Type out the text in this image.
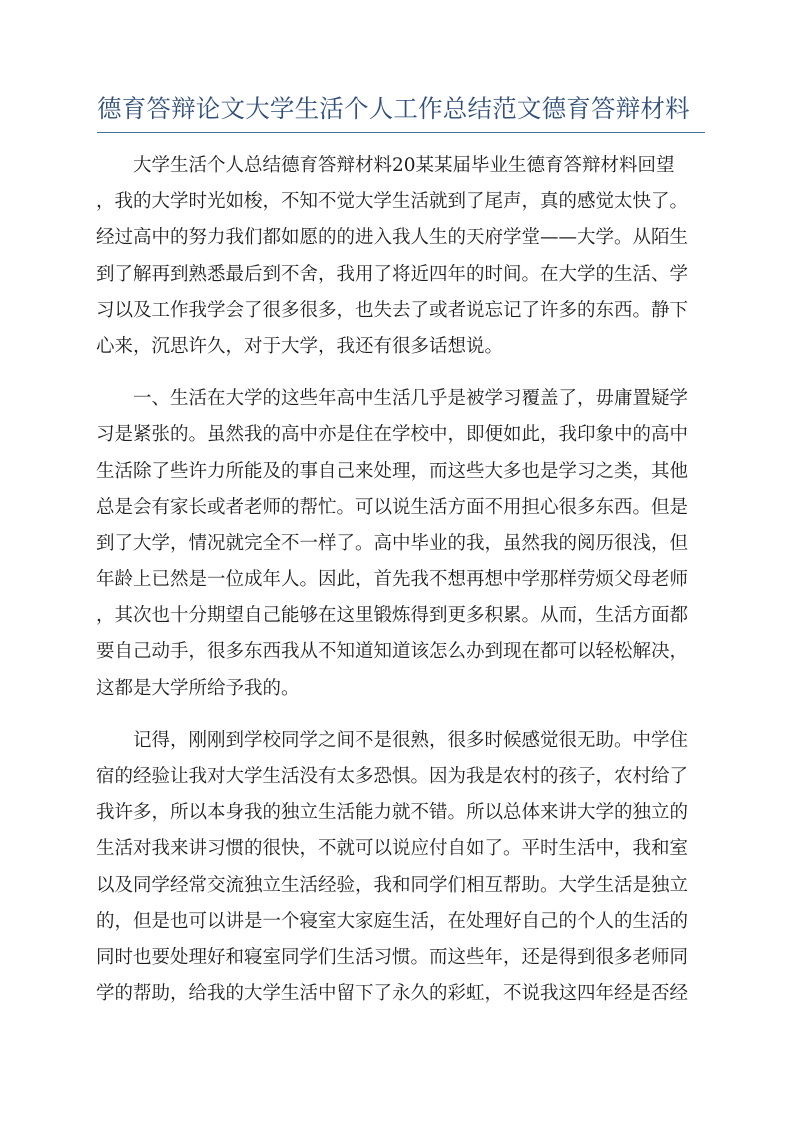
德育答辩论文大学生活个人工作总结范文德育答辩材料

　　大学生活个人总结德育答辩材料20某某届毕业生德育答辩材料回望
，我的大学时光如梭，不知不觉大学生活就到了尾声，真的感觉太快了。
经过高中的努力我们都如愿的的进入我人生的天府学堂——大学。从陌生
到了解再到熟悉最后到不舍，我用了将近四年的时间。在大学的生活、学
习以及工作我学会了很多很多，也失去了或者说忘记了许多的东西。静下
心来，沉思许久，对于大学，我还有很多话想说。

　　一、生活在大学的这些年高中生活几乎是被学习覆盖了，毋庸置疑学
习是紧张的。虽然我的高中亦是住在学校中，即便如此，我印象中的高中
生活除了些许力所能及的事自己来处理，而这些大多也是学习之类，其他
总是会有家长或者老师的帮忙。可以说生活方面不用担心很多东西。但是
到了大学，情况就完全不一样了。高中毕业的我，虽然我的阅历很浅，但
年龄上已然是一位成年人。因此，首先我不想再想中学那样劳烦父母老师
，其次也十分期望自己能够在这里锻炼得到更多积累。从而，生活方面都
要自己动手，很多东西我从不知道知道该怎么办到现在都可以轻松解决，
这都是大学所给予我的。

　　记得，刚刚到学校同学之间不是很熟，很多时候感觉很无助。中学住
宿的经验让我对大学生活没有太多恐惧。因为我是农村的孩子，农村给了
我许多，所以本身我的独立生活能力就不错。所以总体来讲大学的独立的
生活对我来讲习惯的很快，不就可以说应付自如了。平时生活中，我和室
以及同学经常交流独立生活经验，我和同学们相互帮助。大学生活是独立
的，但是也可以讲是一个寝室大家庭生活，在处理好自己的个人的生活的
同时也要处理好和寝室同学们生活习惯。而这些年，还是得到很多老师同
学的帮助，给我的大学生活中留下了永久的彩虹，不说我这四年经是否经
